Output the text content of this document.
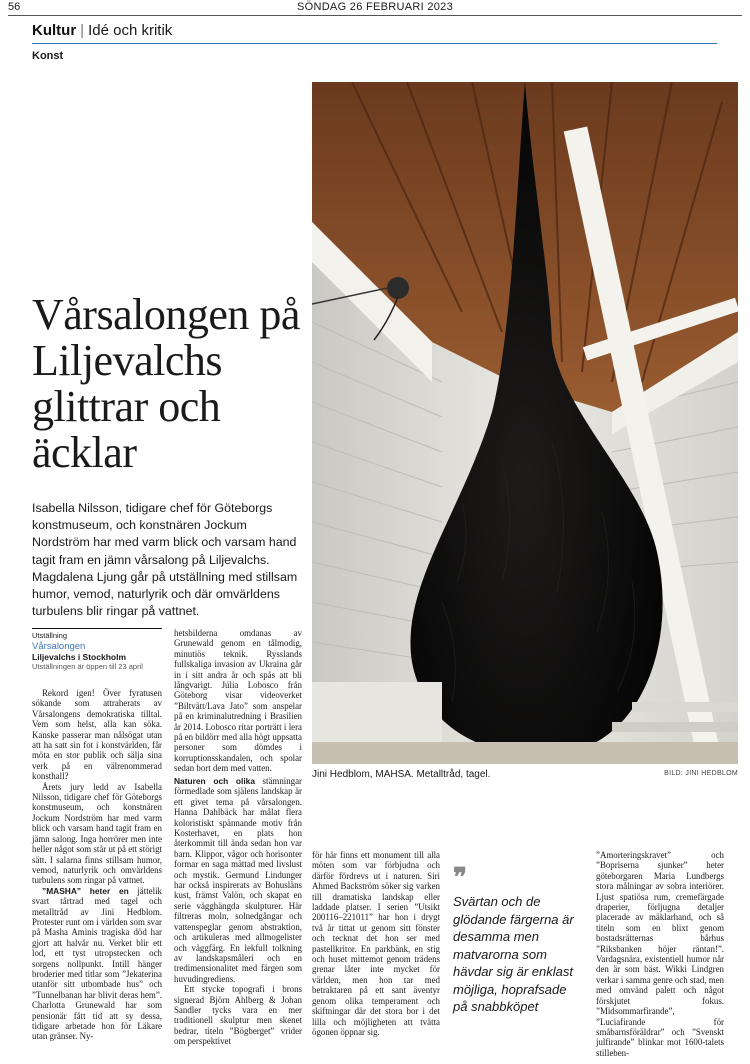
56	SÖNDAG 26 FEBRUARI 2023
Kultur | Idé och kritik
Konst
Jini Hedblom, MAHSA. Metalltråd, tagel.	BILD: JINI HEDBLOM
Vårsalongen på Liljevalchs glittrar och äcklar
Isabella Nilsson, tidigare chef för Göteborgs konstmuseum, och konstnären Jockum Nordström har med varm blick och varsam hand tagit fram en jämn vårsalong på Liljevalchs. Magdalena Ljung går på utställning med stillsam humor, vemod, naturlyrik och där omvärldens turbulens blir ringar på vattnet.
Utställning
Vårsalongen
Liljevalchs i Stockholm
Utställningen är öppen till 23 april

Rekord igen! Över fyratusen sökande som attraherats av Vårsalongens demokratiska tilltal. Vem som helst, alla kan söka. Kanske passerar man nålsögat utan att ha satt sin fot i konstvärlden, får möta en stor publik och sälja sina verk på en välrenommerad konsthall?

Årets jury ledd av Isabella Nilsson, tidigare chef för Göteborgs konstmuseum, och konstnären Jockum Nordström har med varm blick och varsam hand tagit fram en jämn salong. Inga horrörer men inte heller något som står ut på ett störigt sätt. I salarna finns stillsam humor, vemod, naturlyrik och omvärldens turbulens som ringar på vattnet.

”MASHA” heter en jättelik svart tårtrad med tagel och metalltråd av Jini Hedblom. Protester runt om i världen som svar på Masha Aminis tragiska död har gjort att halvår nu. Verket blir ett lod, ett tyst utropstecken och sorgens nollpunkt. Intill hänger broderier med titlar som ”Jekaterina utanför sitt utbombade hus” och ”Tunnelbanan har blivit deras hem”. Charlotta Grunewald har som pensionär fått tid att sy dessa, tidigare arbetade hon för Läkare utan gränser. Ny-

hetsbilderna omdanas av Grunewald genom en tålmodig, minutiös teknik. Rysslands fullskaliga invasion av Ukraina går in i sitt andra år och spås att bli långvarigt. Júlia Lobosco från Göteborg visar videoverket ”Biltvätt/Lava Jato” som anspelar på en kriminalutredning i Brasilien år 2014. Lobosco ritar porträtt i lera på en bildörr med alla högt uppsatta personer som dömdes i korruptionsskandalen, och spolar sedan bort dem med vatten.

Naturen och olika stämningar förmedlade som själens landskap är ett givet tema på vårsalongen. Hanna Dahlbäck har målat flera koloristiskt spännande motiv från Kosterhavet, en plats hon återkommit till ända sedan hon var barn. Klippor, vågor och horisonter formar en saga mättad med livslust och mystik. Germund Lindunger har också inspirerats av Bohusläns kust, främst Valön, och skapat en serie vägghängda skulpturer. Här filtreras moln, solnedgångar och vattenspeglar genom abstraktion, och artikuleras med allmogelister och väggfärg. En lekfull tolkning av landskapsmåleri och en tredimensionalitet med färgen som huvudingrediens.

Ett stycke topografi i brons signerad Björn Ahlberg & Johan Sandler tycks vara en mer traditionell skulptur men skenet bedrar, titeln ”Bögberget” vrider om perspektivet

för här finns ett monument till alla möten som var förbjudna och därför fördrevs ut i naturen. Siri Ahmed Backström söker sig varken till dramatiska landskap eller laddade platser. I serien ”Utsikt 200116–221011” har hon i drygt två år tittat ut genom sitt fönster och tecknat det hon ser med pastellkritor. En parkbänk, en stig och huset mittemot genom trädens grenar låter inte mycket för världen, men hon tar med betraktaren på ett sant äventyr genom olika temperament och skiftningar där det stora bor i det lilla och möjligheten att tvätta ögonen öppnar sig.

”Amorteringskravet” och ”Bopriserna sjunker” heter göteborgaren Maria Lundbergs stora målningar av sobra interiörer. Ljust spatiösa rum, cremefärgade draperier, förljugna detaljer placerade av mäklarhand, och så titeln som en blixt genom bostadsrätternas bårhus ”Riksbanken höjer räntan!”. Vardagsnära, existentiell humor når den är som bäst. Wikki Lindgren verkar i samma genre och stad, men med omvänd palett och något förskjutet fokus. ”Midsommarfirande”, ”Luciafirande för småbarnsföräldrar” och ”Svenskt julfirande” blinkar mot 1600-talets stilleben-

❞
Svärtan och de glödande färgerna är desamma men matvarorna som hävdar sig är enklast möjliga, hoprafsade på snabbköpet
